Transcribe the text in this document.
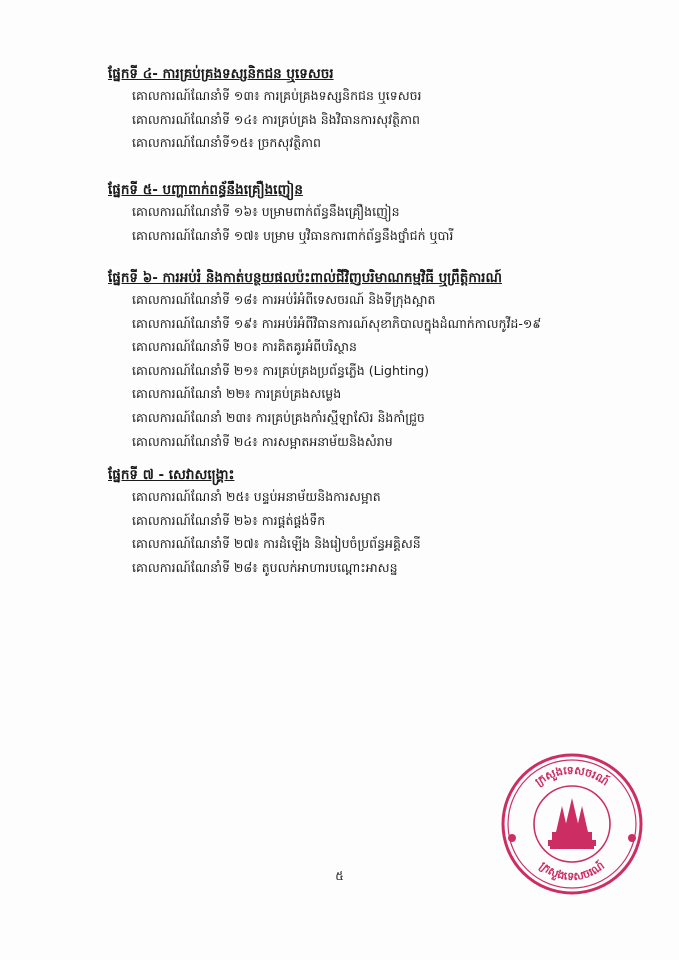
ផ្នែកទី ៤- ការគ្រប់គ្រងទស្សនិកជន ឬទេសចរ

គោលការណ៍ណែនាំទី ១៣៖ ការគ្រប់គ្រងទស្សនិកជន ឬទេសចរ

គោលការណ៍ណែនាំទី ១៤៖ ការគ្រប់គ្រង និងវិធានការសុវត្ថិភាព

គោលការណ៍ណែនាំទី១៥៖ ច្រកសុវត្ថិភាព

ផ្នែកទី ៥- បញ្ហាពាក់ពន្ធ័នឹងគ្រឿងញៀន

គោលការណ៍ណែនាំទី ១៦៖ បម្រាមពាក់ព័ន្ធនឹងគ្រឿងញៀន

គោលការណ៍ណែនាំទី ១៧៖ បម្រាម ឬវិធានការពាក់ព័ន្ធនឹងថ្នាំជក់ ឬបារី

ផ្នែកទី ៦- ការអប់រំ និងកាត់បន្ថយផលប៉ះពាល់ជីវិញបរិមាណកម្មវិធី ឬព្រឹត្តិការណ៍

គោលការណ៍ណែនាំទី ១៨៖ ការអប់រំអំពីទេសចរណ៍ និងទីក្រុងស្អាត

គោលការណ៍ណែនាំទី ១៩៖ ការអប់រំអំពីវិធានការណ៍សុខាភិបាលក្នុងដំណាក់កាលកូវីដ-១៩

គោលការណ៍ណែនាំទី ២០៖ ការគិតគូរអំពីបរិស្ថាន

គោលការណ៍ណែនាំទី ២១៖ ការគ្រប់គ្រងប្រព័ន្ធភ្លើង (Lighting)

គោលការណ៍ណែនាំ ២២៖ ការគ្រប់គ្រងសម្លេង

គោលការណ៍ណែនាំ ២៣៖ ការគ្រប់គ្រងកាំរស្មីឡាស៊ែរ និងកាំជ្រួច

គោលការណ៍ណែនាំទី ២៤៖ ការសម្អាតអនាម័យនិងសំរាម

ផ្នែកទី ៧ - សេវាសង្គ្រោះ

គោលការណ៍ណែនាំ ២៥៖ បន្ទប់អនាម័យនិងការសម្អាត

គោលការណ៍ណែនាំទី ២៦៖ ការផ្គត់ផ្គង់ទឹក

គោលការណ៍ណែនាំទី ២៧៖ ការដំឡើង និងរៀបចំប្រព័ន្ធអគ្គិសនី

គោលការណ៍ណែនាំទី ២៨៖ តូបលក់អាហារបណ្តោះអាសន្ន

៥
ក្រសួងទេសចរណ៍
ក្រសួងទេសចរណ៍
